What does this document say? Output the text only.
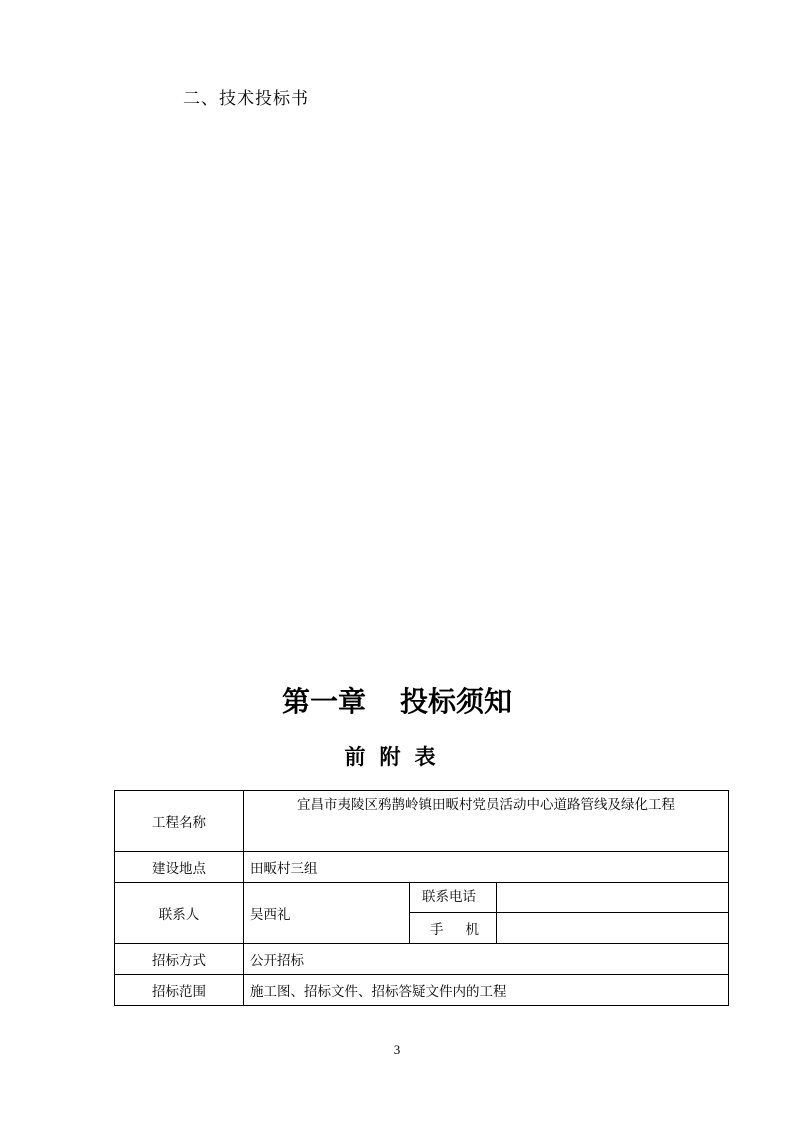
二、技术投标书
第一章 投标须知
前附表
工程名称	宜昌市夷陵区鸦鹊岭镇田畈村党员活动中心道路管线及绿化工程		
建设地点	田畈村三组		
联系人	吴西礼	联系电话	
		手 机	
招标方式	公开招标		
招标范围	施工图、招标文件、招标答疑文件内的工程		
3
